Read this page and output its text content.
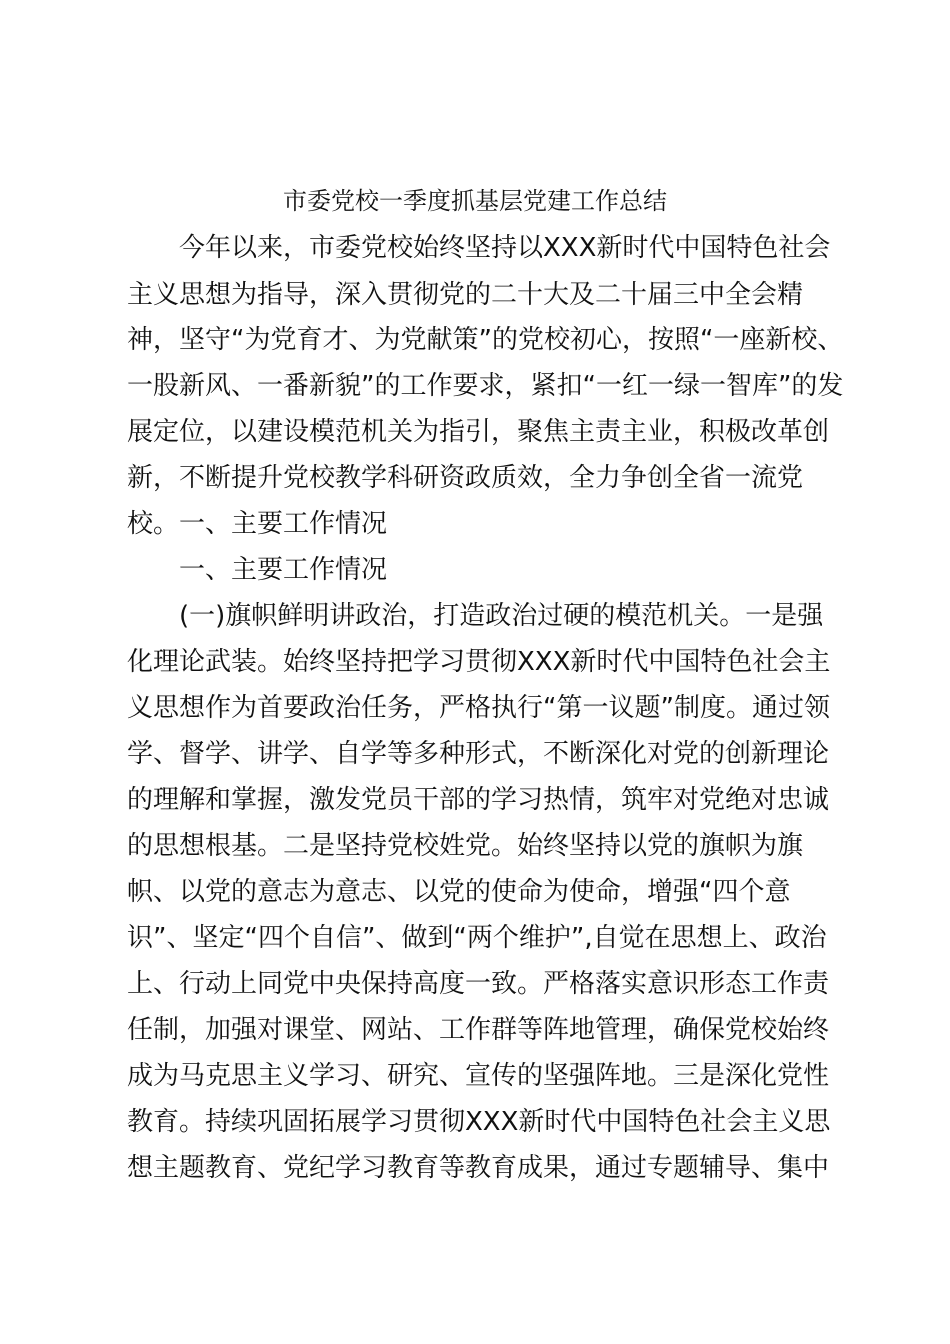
市委党校一季度抓基层党建工作总结
今年以来，市委党校始终坚持以XXX新时代中国特色社会
主义思想为指导，深入贯彻党的二十大及二十届三中全会精
神，坚守“为党育才、为党献策”的党校初心，按照“一座新校、
一股新风、一番新貌”的工作要求，紧扣“一红一绿一智库”的发
展定位，以建设模范机关为指引，聚焦主责主业，积极改革创
新，不断提升党校教学科研资政质效，全力争创全省一流党
校。一、主要工作情况
一、主要工作情况
(一)旗帜鲜明讲政治，打造政治过硬的模范机关。一是强
化理论武装。始终坚持把学习贯彻XXX新时代中国特色社会主
义思想作为首要政治任务，严格执行“第一议题”制度。通过领
学、督学、讲学、自学等多种形式，不断深化对党的创新理论
的理解和掌握，激发党员干部的学习热情，筑牢对党绝对忠诚
的思想根基。二是坚持党校姓党。始终坚持以党的旗帜为旗
帜、以党的意志为意志、以党的使命为使命，增强“四个意
识”、坚定“四个自信”、做到“两个维护”,自觉在思想上、政治
上、行动上同党中央保持高度一致。严格落实意识形态工作责
任制，加强对课堂、网站、工作群等阵地管理，确保党校始终
成为马克思主义学习、研究、宣传的坚强阵地。三是深化党性
教育。持续巩固拓展学习贯彻XXX新时代中国特色社会主义思
想主题教育、党纪学习教育等教育成果，通过专题辅导、集中
